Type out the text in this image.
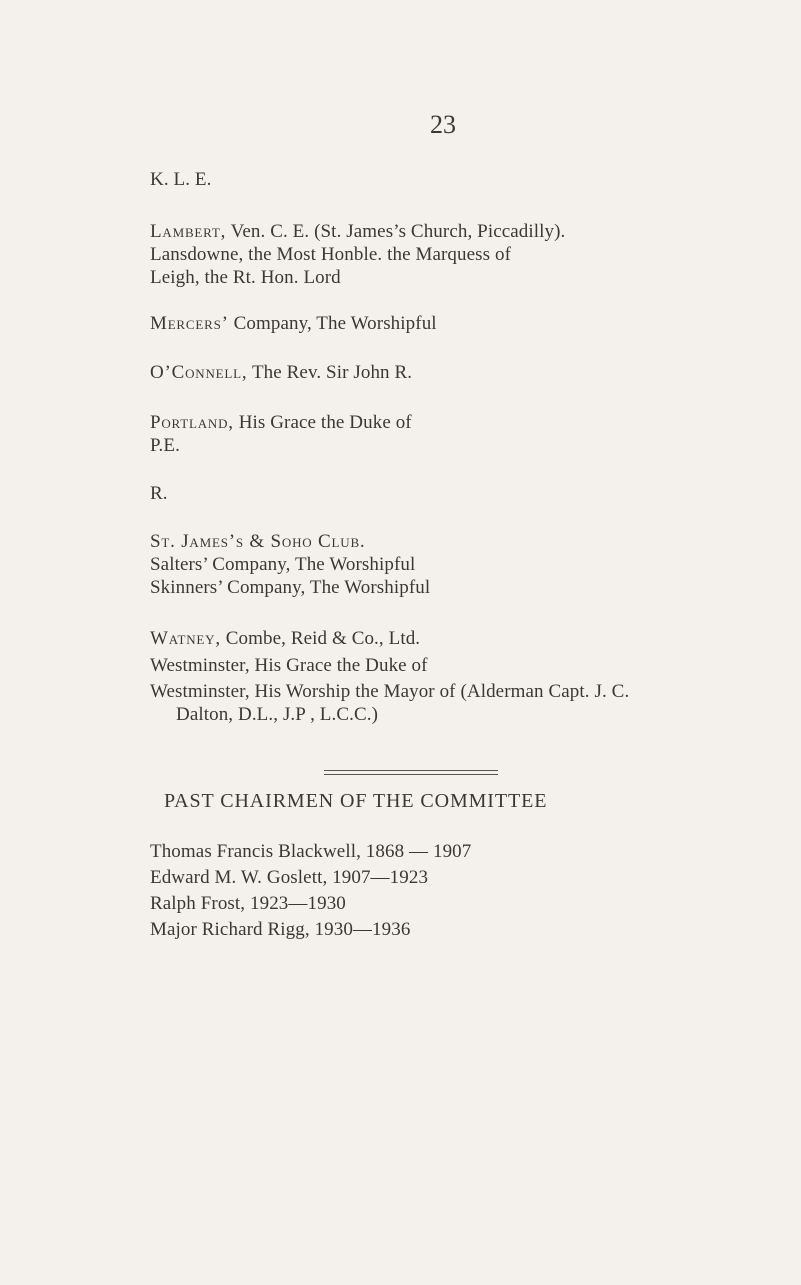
23
K. L. E.
Lambert, Ven. C. E. (St. James’s Church, Piccadilly).
Lansdowne, the Most Honble. the Marquess of
Leigh, the Rt. Hon. Lord
Mercers’ Company, The Worshipful
O’Connell, The Rev. Sir John R.
Portland, His Grace the Duke of
P.E.
R.
St. James’s & Soho Club.
Salters’ Company, The Worshipful
Skinners’ Company, The Worshipful
Watney, Combe, Reid & Co., Ltd.
Westminster, His Grace the Duke of
Westminster, His Worship the Mayor of (Alderman Capt. J. C.
Dalton, D.L., J.P , L.C.C.)
PAST CHAIRMEN OF THE COMMITTEE
Thomas Francis Blackwell, 1868 — 1907
Edward M. W. Goslett, 1907—1923
Ralph Frost, 1923—1930
Major Richard Rigg, 1930—1936
